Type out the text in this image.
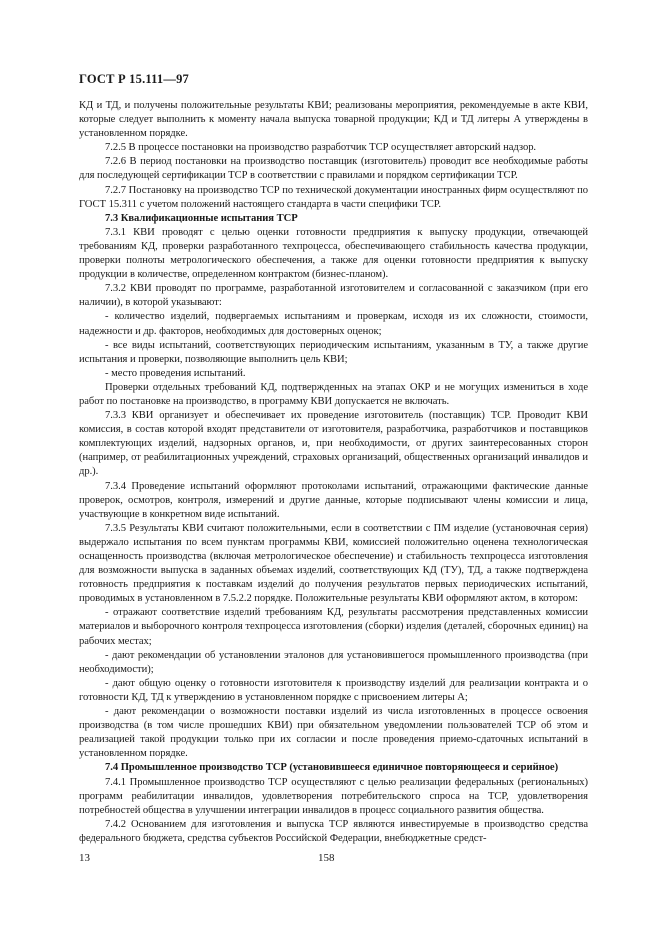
ГОСТ Р 15.111—97

КД и ТД, и получены положительные результаты КВИ; реализованы мероприятия, рекомендуемые в акте КВИ, которые следует выполнить к моменту начала выпуска товарной продукции; КД и ТД литеры А утверждены в установленном порядке.

7.2.5 В процессе постановки на производство разработчик ТСР осуществляет авторский надзор.

7.2.6 В период постановки на производство поставщик (изготовитель) проводит все необходимые работы для последующей сертификации ТСР в соответствии с правилами и порядком сертификации ТСР.

7.2.7 Постановку на производство ТСР по технической документации иностранных фирм осуществляют по ГОСТ 15.311 с учетом положений настоящего стандарта в части специфики ТСР.

7.3 Квалификационные испытания ТСР

7.3.1 КВИ проводят с целью оценки готовности предприятия к выпуску продукции, отвечающей требованиям КД, проверки разработанного техпроцесса, обеспечивающего стабильность качества продукции, проверки полноты метрологического обеспечения, а также для оценки готовности предприятия к выпуску продукции в количестве, определенном контрактом (бизнес-планом).

7.3.2 КВИ проводят по программе, разработанной изготовителем и согласованной с заказчиком (при его наличии), в которой указывают:

- количество изделий, подвергаемых испытаниям и проверкам, исходя из их сложности, стоимости, надежности и др. факторов, необходимых для достоверных оценок;

- все виды испытаний, соответствующих периодическим испытаниям, указанным в ТУ, а также другие испытания и проверки, позволяющие выполнить цель КВИ;

- место проведения испытаний.

Проверки отдельных требований КД, подтвержденных на этапах ОКР и не могущих измениться в ходе работ по постановке на производство, в программу КВИ допускается не включать.

7.3.3 КВИ организует и обеспечивает их проведение изготовитель (поставщик) ТСР. Проводит КВИ комиссия, в состав которой входят представители от изготовителя, разработчика, разработчиков и поставщиков комплектующих изделий, надзорных органов, и, при необходимости, от других заинтересованных сторон (например, от реабилитационных учреждений, страховых организаций, общественных организаций инвалидов и др.).

7.3.4 Проведение испытаний оформляют протоколами испытаний, отражающими фактические данные проверок, осмотров, контроля, измерений и другие данные, которые подписывают члены комиссии и лица, участвующие в конкретном виде испытаний.

7.3.5 Результаты КВИ считают положительными, если в соответствии с ПМ изделие (установочная серия) выдержало испытания по всем пунктам программы КВИ, комиссией положительно оценена технологическая оснащенность производства (включая метрологическое обеспечение) и стабильность техпроцесса изготовления для возможности выпуска в заданных объемах изделий, соответствующих КД (ТУ), ТД, а также подтверждена готовность предприятия к поставкам изделий до получения результатов первых периодических испытаний, проводимых в установленном в 7.5.2.2 порядке. Положительные результаты КВИ оформляют актом, в котором:

- отражают соответствие изделий требованиям КД, результаты рассмотрения представленных комиссии материалов и выборочного контроля техпроцесса изготовления (сборки) изделия (деталей, сборочных единиц) на рабочих местах;

- дают рекомендации об установлении эталонов для установившегося промышленного производства (при необходимости);

- дают общую оценку о готовности изготовителя к производству изделий для реализации контракта и о готовности КД, ТД к утверждению в установленном порядке с присвоением литеры А;

- дают рекомендации о возможности поставки изделий из числа изготовленных в процессе освоения производства (в том числе прошедших КВИ) при обязательном уведомлении пользователей ТСР об этом и реализацией такой продукции только при их согласии и после проведения приемо-сдаточных испытаний в установленном порядке.

7.4 Промышленное производство ТСР (установившееся единичное повторяющееся и серийное)

7.4.1 Промышленное производство ТСР осуществляют с целью реализации федеральных (региональных) программ реабилитации инвалидов, удовлетворения потребительского спроса на ТСР, удовлетворения потребностей общества в улучшении интеграции инвалидов в процесс социального развития общества.

7.4.2 Основанием для изготовления и выпуска ТСР являются инвестируемые в производство средства федерального бюджета, средства субъектов Российской Федерации, внебюджетные средст-

13	158
